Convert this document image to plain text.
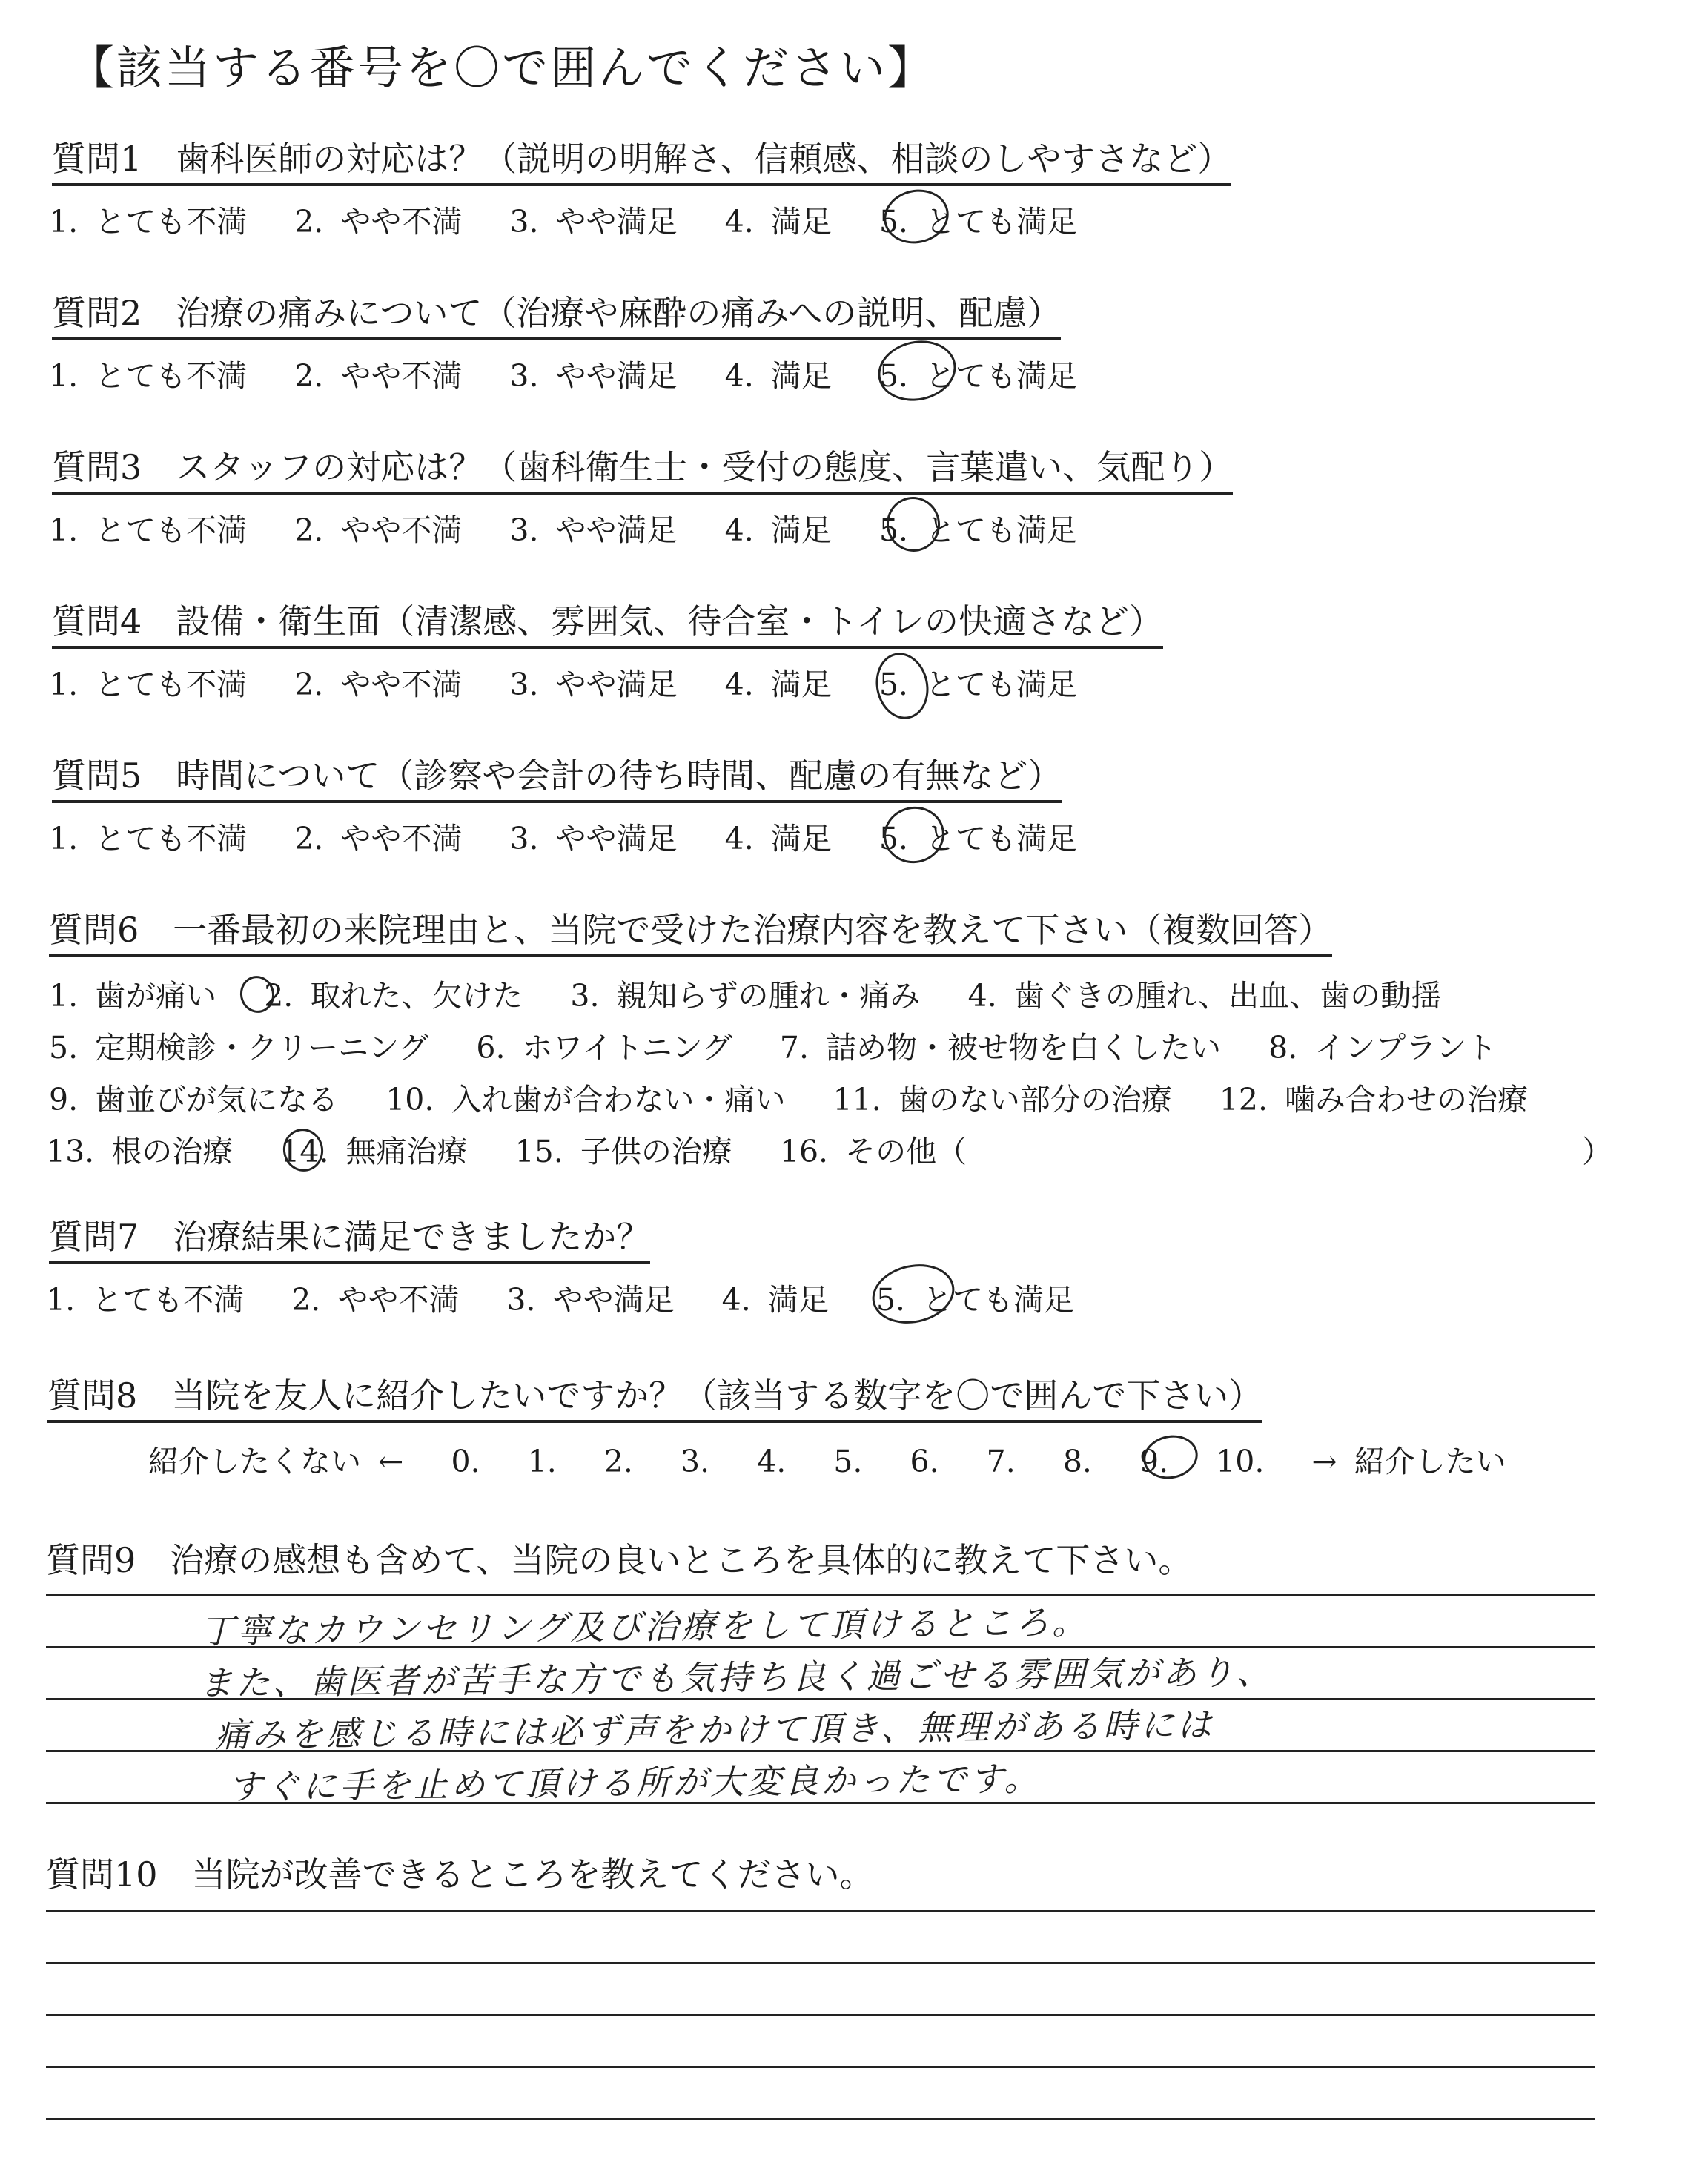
【該当する番号を〇で囲んでください】
質問1　歯科医師の対応は？（説明の明解さ、信頼感、相談のしやすさなど）
1. とても不満　 2. やや不満　 3. やや満足　 4. 満足　 5. とても満足
質問2　治療の痛みについて（治療や麻酔の痛みへの説明、配慮）
1. とても不満　 2. やや不満　 3. やや満足　 4. 満足　 5. とても満足
質問3　スタッフの対応は？（歯科衛生士・受付の態度、言葉遣い、気配り）
1. とても不満　 2. やや不満　 3. やや満足　 4. 満足　 5. とても満足
質問4　設備・衛生面（清潔感、雰囲気、待合室・トイレの快適さなど）
1. とても不満　 2. やや不満　 3. やや満足　 4. 満足　 5. とても満足
質問5　時間について（診察や会計の待ち時間、配慮の有無など）
1. とても不満　 2. やや不満　 3. やや満足　 4. 満足　 5. とても満足
質問6　一番最初の来院理由と、当院で受けた治療内容を教えて下さい（複数回答）
1. 歯が痛い　 2. 取れた、欠けた　 3. 親知らずの腫れ・痛み　 4. 歯ぐきの腫れ、出血、歯の動揺
5. 定期検診・クリーニング　 6. ホワイトニング　 7. 詰め物・被せ物を白くしたい　 8. インプラント
9. 歯並びが気になる　 10. 入れ歯が合わない・痛い　 11. 歯のない部分の治療　 12. 噛み合わせの治療
13. 根の治療　 14. 無痛治療　 15. 子供の治療　 16. その他（	）
質問7　治療結果に満足できましたか？
1. とても不満　 2. やや不満　 3. やや満足　 4. 満足　 5. とても満足
質問8　当院を友人に紹介したいですか？（該当する数字を〇で囲んで下さい）
紹介したくない ←　 0.　 1.　 2.　 3.　 4.　 5.　 6.　 7.　 8.　 9.　 10.　 → 紹介したい
質問9　治療の感想も含めて、当院の良いところを具体的に教えて下さい。
丁寧なカウンセリング及び治療をして頂けるところ。
また、歯医者が苦手な方でも気持ち良く過ごせる雰囲気があり、
痛みを感じる時には必ず声をかけて頂き、無理がある時には
すぐに手を止めて頂ける所が大変良かったです。
質問10　当院が改善できるところを教えてください。
